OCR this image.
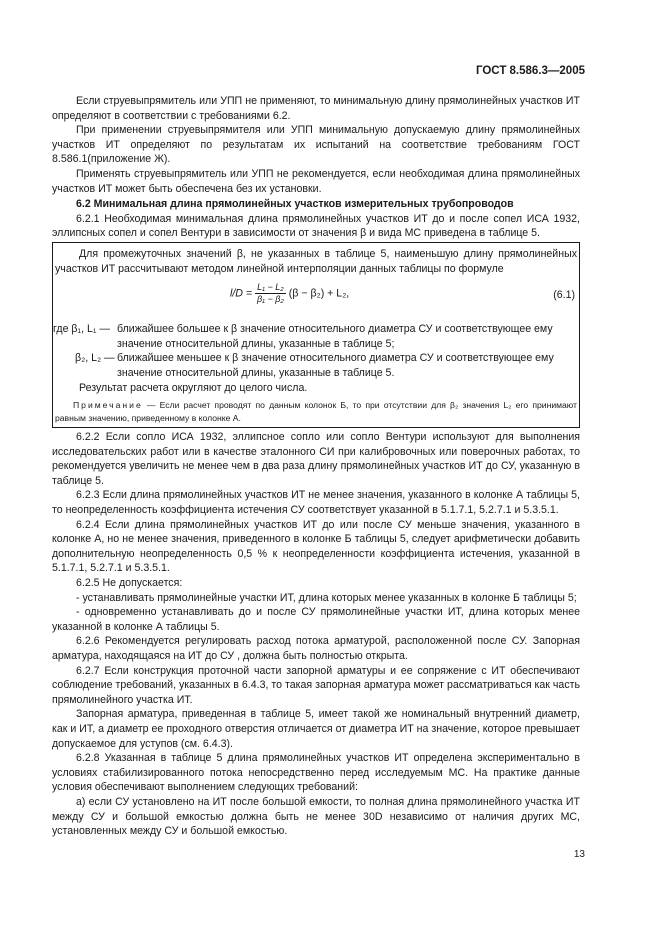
ГОСТ 8.586.3—2005

Если струевыпрямитель или УПП не применяют, то минимальную длину прямолинейных участков ИТ определяют в соответствии с требованиями 6.2.

При применении струевыпрямителя или УПП минимальную допускаемую длину прямолинейных участков ИТ определяют по результатам их испытаний на соответствие требованиям ГОСТ 8.586.1(приложение Ж).

Применять струевыпрямитель или УПП не рекомендуется, если необходимая длина прямолинейных участков ИТ может быть обеспечена без их установки.

6.2 Минимальная длина прямолинейных участков измерительных трубопроводов

6.2.1 Необходимая минимальная длина прямолинейных участков ИТ до и после сопел ИСА 1932, эллипсных сопел и сопел Вентури в зависимости от значения β и вида МС приведена в таблице 5.

Для промежуточных значений β, не указанных в таблице 5, наименьшую длину прямолинейных участков ИТ рассчитывают методом линейной интерполяции данных таблицы по формуле

l/D = L₁ − L₂
β₁ − β₂ (β − β₂) + L₂,	(6.1)
где β₁, L₁ — ближайшее большее к β значение относительного диаметра СУ и соответствующее ему значение относительной длины, указанные в таблице 5;
β₂, L₂ — ближайшее меньшее к β значение относительного диаметра СУ и соответствующее ему значение относительной длины, указанные в таблице 5.

Результат расчета округляют до целого числа.

Примечание — Если расчет проводят по данным колонок Б, то при отсутствии для β₂ значения L₂ его принимают равным значению, приведенному в колонке А.

6.2.2 Если сопло ИСА 1932, эллипсное сопло или сопло Вентури используют для выполнения исследовательских работ или в качестве эталонного СИ при калибровочных или поверочных работах, то рекомендуется увеличить не менее чем в два раза длину прямолинейных участков ИТ до СУ, указанную в таблице 5.

6.2.3 Если длина прямолинейных участков ИТ не менее значения, указанного в колонке А таблицы 5, то неопределенность коэффициента истечения СУ соответствует указанной в 5.1.7.1, 5.2.7.1 и 5.3.5.1.

6.2.4 Если длина прямолинейных участков ИТ до или после СУ меньше значения, указанного в колонке А, но не менее значения, приведенного в колонке Б таблицы 5, следует арифметически добавить дополнительную неопределенность 0,5 % к неопределенности коэффициента истечения, указанной в 5.1.7.1, 5.2.7.1 и 5.3.5.1.

6.2.5 Не допускается:

- устанавливать прямолинейные участки ИТ, длина которых менее указанных в колонке Б таблицы 5;

- одновременно устанавливать до и после СУ прямолинейные участки ИТ, длина которых менее указанной в колонке А таблицы 5.

6.2.6 Рекомендуется регулировать расход потока арматурой, расположенной после СУ. Запорная арматура, находящаяся на ИТ до СУ , должна быть полностью открыта.

6.2.7 Если конструкция проточной части запорной арматуры и ее сопряжение с ИТ обеспечивают соблюдение требований, указанных в 6.4.3, то такая запорная арматура может рассматриваться как часть прямолинейного участка ИТ.

Запорная арматура, приведенная в таблице 5, имеет такой же номинальный внутренний диаметр, как и ИТ, а диаметр ее проходного отверстия отличается от диаметра ИТ на значение, которое превышает допускаемое для уступов (см. 6.4.3).

6.2.8 Указанная в таблице 5 длина прямолинейных участков ИТ определена экспериментально в условиях стабилизированного потока непосредственно перед исследуемым МС. На практике данные условия обеспечивают выполнением следующих требований:

а) если СУ установлено на ИТ после большой емкости, то полная длина прямолинейного участка ИТ между СУ и большой емкостью должна быть не менее 30D независимо от наличия других МС, установленных между СУ и большой емкостью.

13
